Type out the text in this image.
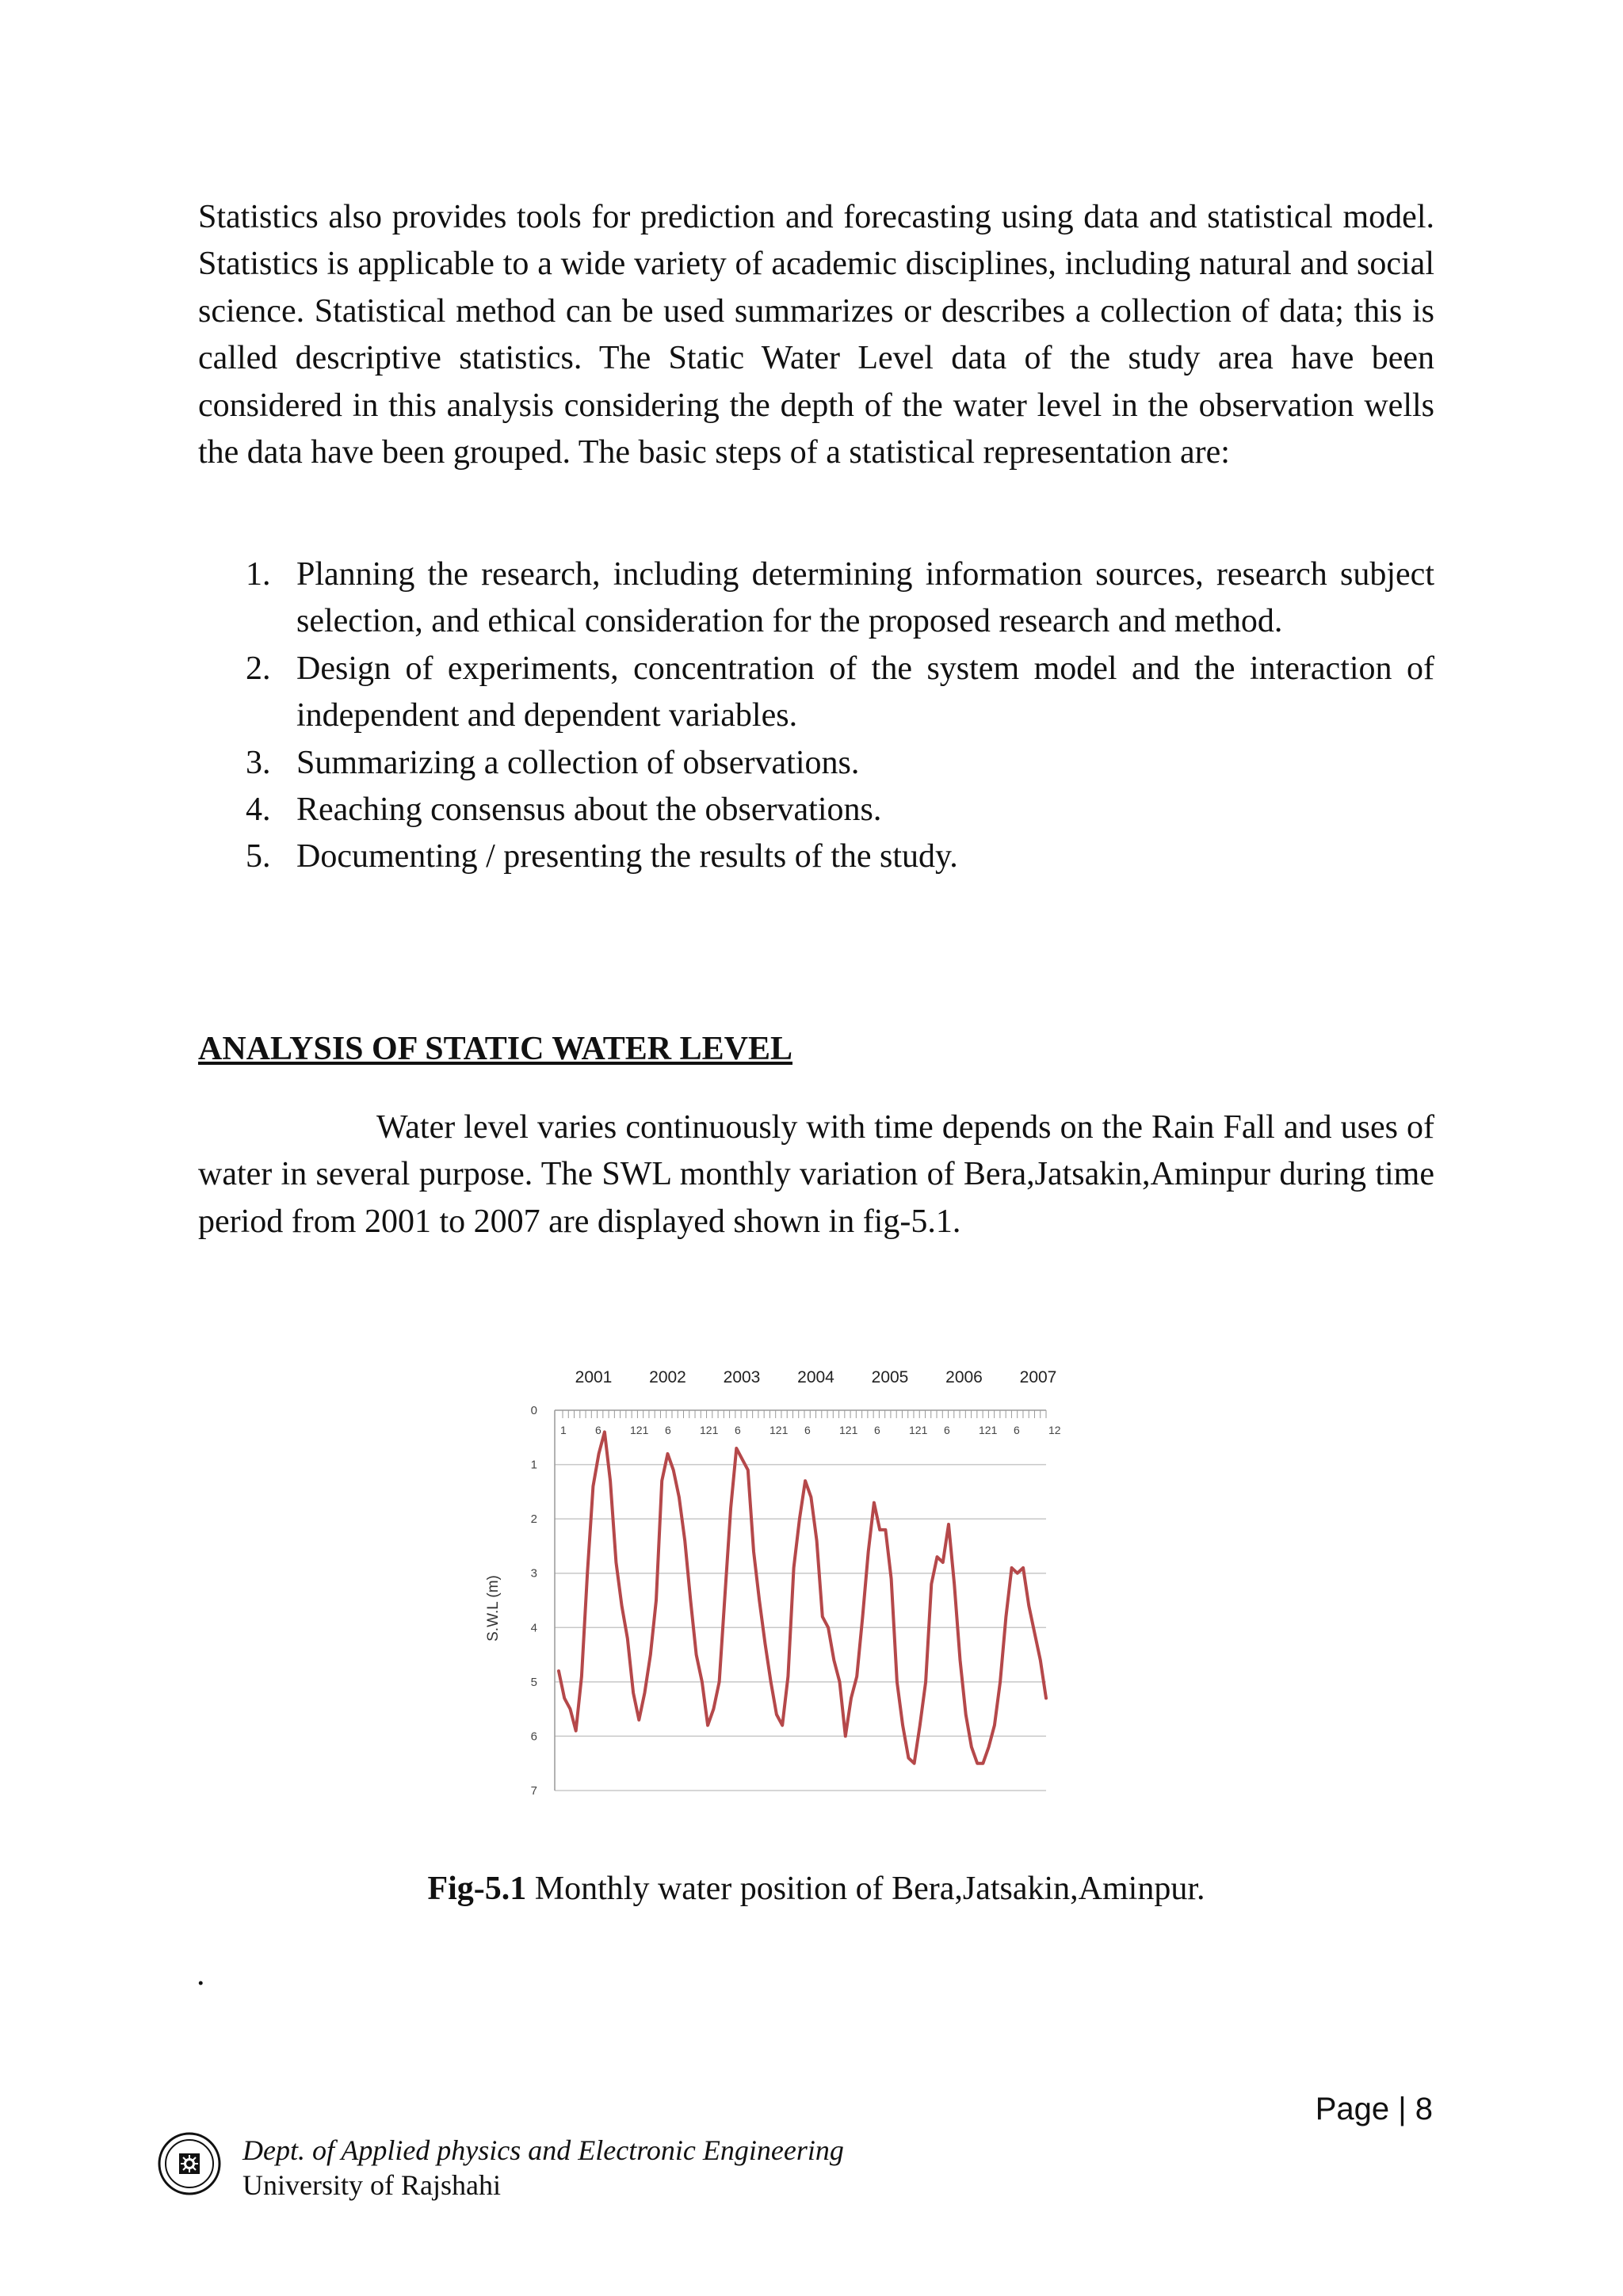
Statistics also provides tools for prediction and forecasting using data and statistical model. Statistics is applicable to a wide variety of academic disciplines, including natural and social science. Statistical method can be used summarizes or describes a collection of data; this is called descriptive statistics. The Static Water Level data of the study area have been considered in this analysis considering the depth of the water level in the observation wells the data have been grouped. The basic steps of a statistical representation are:

1. Planning the research, including determining information sources, research subject selection, and ethical consideration for the proposed research and method.
2. Design of experiments, concentration of the system model and the interaction of independent and dependent variables.
3. Summarizing a collection of observations.
4. Reaching consensus about the observations.
5. Documenting / presenting the results of the study.
ANALYSIS OF STATIC WATER LEVEL

Water level varies continuously with time depends on the Rain Fall and uses of water in several purpose. The SWL monthly variation of Bera,Jatsakin,Aminpur during time period from 2001 to 2007 are displayed shown in fig-5.1.

0
1
2
3
4
5
6
7
2001 2002 2003 2004 2005 2006 2007
1	6	121 6	121 6	121 6	121 6	12‌1 6	121 6	12
S.W.L (m)

Fig-5.1 Monthly water position of Bera,Jatsakin,Aminpur.

.
Page | 8
Dept. of Applied physics and Electronic Engineering
University of Rajshahi
